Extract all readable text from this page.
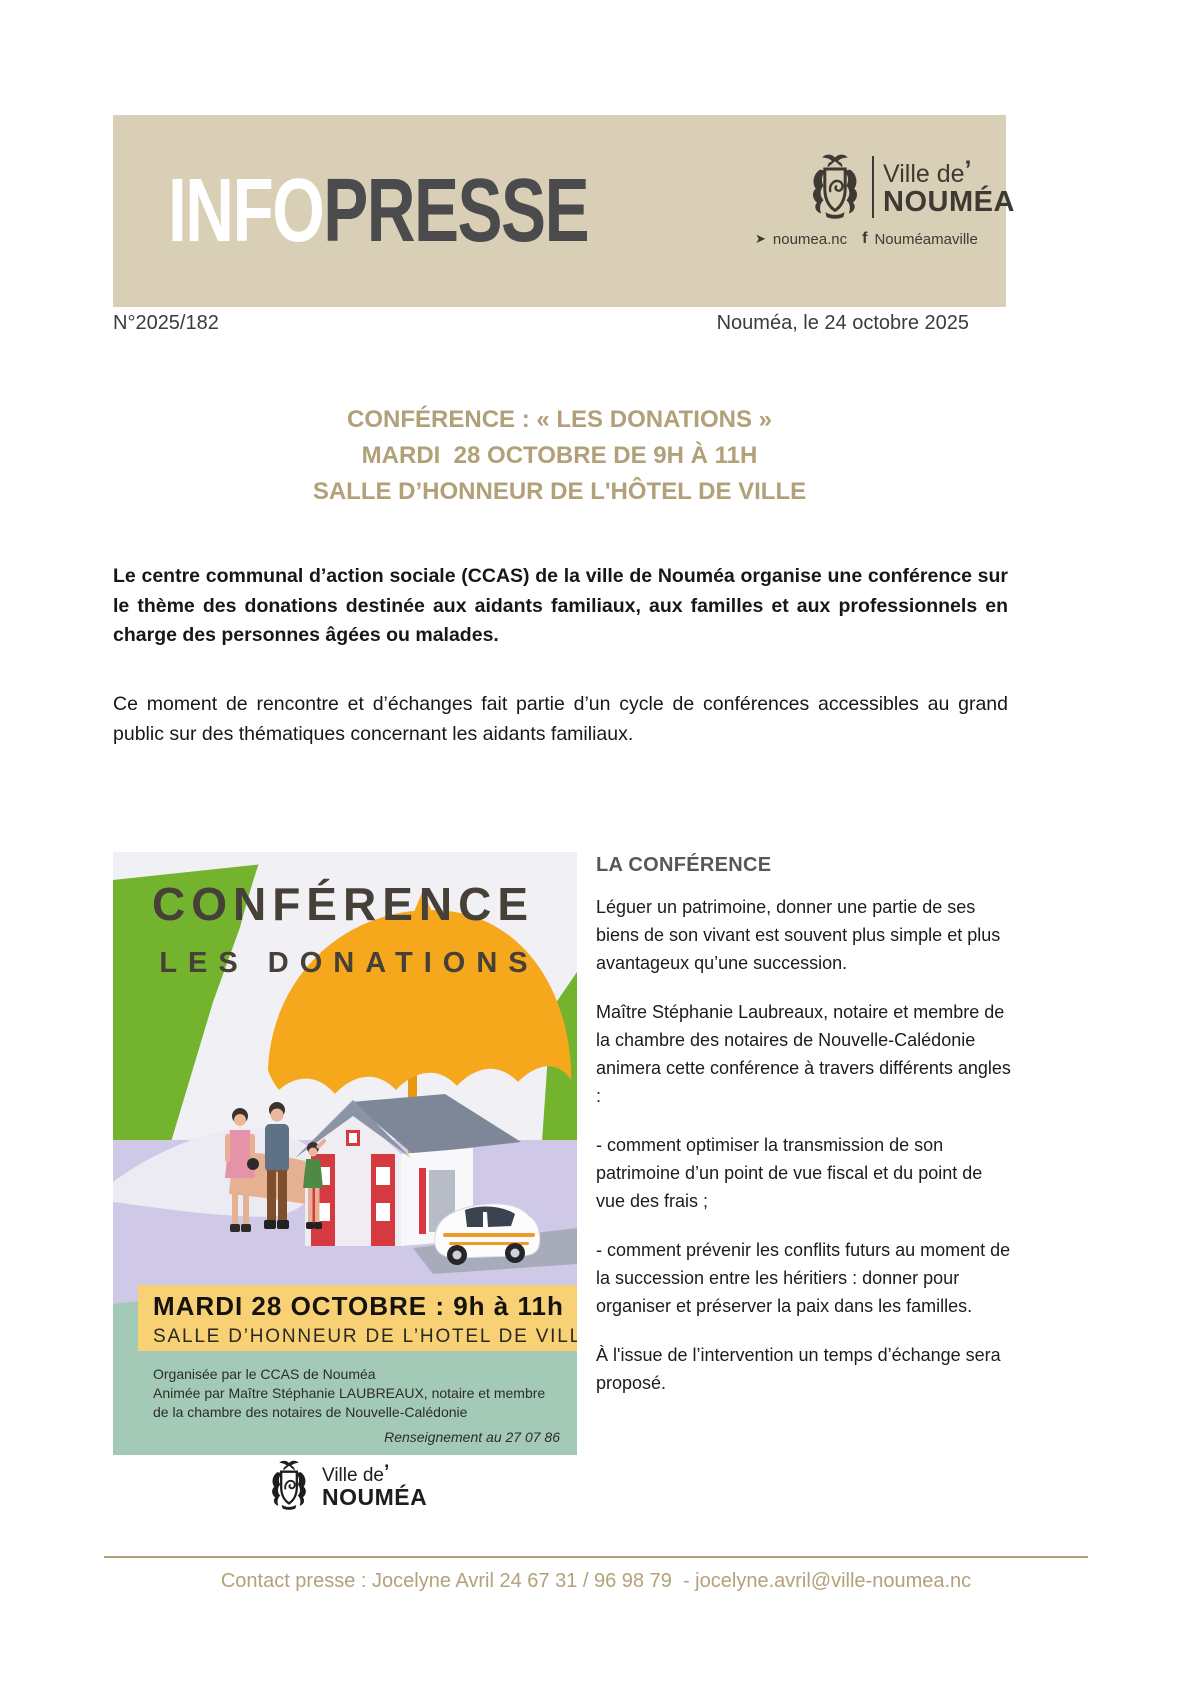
INFOPRESSE	Ville de’
NOUMÉA
➤ noumea.nc f Nouméamaville
N°2025/182	Nouméa, le 24 octobre 2025
CONFÉRENCE : « LES DONATIONS »
MARDI  28 OCTOBRE DE 9H À 11H
SALLE D’HONNEUR DE L'HÔTEL DE VILLE
Le centre communal d’action sociale (CCAS) de la ville de Nouméa organise une conférence sur le thème des donations destinée aux aidants familiaux, aux familles et aux professionnels en charge des personnes âgées ou malades.
Ce moment de rencontre et d’échanges fait partie d’un cycle de conférences accessibles au grand public sur des thématiques concernant les aidants familiaux.
CONFÉRENCE
LES DONATIONS
MARDI 28 OCTOBRE : 9h à 11h
SALLE D’HONNEUR DE L’HOTEL DE VILLE
Organisée par le CCAS de Nouméa
Animée par Maître Stéphanie LAUBREAUX, notaire et membre
de la chambre des notaires de Nouvelle-Calédonie
Renseignement au 27 07 86
LA CONFÉRENCE

Léguer un patrimoine, donner une partie de ses biens de son vivant est souvent plus simple et plus avantageux qu’une succession.

Maître Stéphanie Laubreaux, notaire et membre de la chambre des notaires de Nouvelle-Calédonie animera cette conférence à travers différents angles :

- comment optimiser la transmission de son patrimoine d’un point de vue fiscal et du point de vue des frais ;

- comment prévenir les conflits futurs au moment de la succession entre les héritiers : donner pour organiser et préserver la paix dans les familles.

À l'issue de l’intervention un temps d’échange sera proposé.

Ville de’
NOUMÉA
Contact presse : Jocelyne Avril 24 67 31 / 96 98 79  - jocelyne.avril@ville-noumea.nc
